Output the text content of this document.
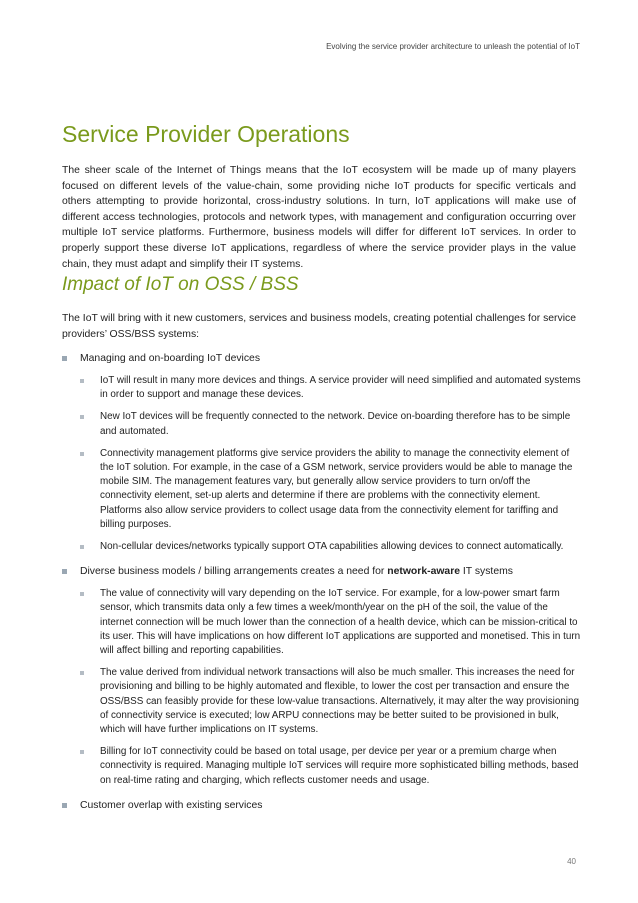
Evolving the service provider architecture to unleash the potential of IoT
Service Provider Operations

The sheer scale of the Internet of Things means that the IoT ecosystem will be made up of many players focused on different levels of the value-chain, some providing niche IoT products for specific verticals and others attempting to provide horizontal, cross-industry solutions. In turn, IoT applications will make use of different access technologies, protocols and network types, with management and configuration occurring over multiple IoT service platforms. Furthermore, business models will differ for different IoT services. In order to properly support these diverse IoT applications, regardless of where the service provider plays in the value chain, they must adapt and simplify their IT systems.

Impact of IoT on OSS / BSS

The IoT will bring with it new customers, services and business models, creating potential challenges for service providers’ OSS/BSS systems:

Managing and on-boarding IoT devices
IoT will result in many more devices and things. A service provider will need simplified and automated systems in order to support and manage these devices.
New IoT devices will be frequently connected to the network. Device on-boarding therefore has to be simple and automated.
Connectivity management platforms give service providers the ability to manage the connectivity element of the IoT solution. For example, in the case of a GSM network, service providers would be able to manage the mobile SIM. The management features vary, but generally allow service providers to turn on/off the connectivity element, set-up alerts and determine if there are problems with the connectivity element. Platforms also allow service providers to collect usage data from the connectivity element for tariffing and billing purposes.
Non-cellular devices/networks typically support OTA capabilities allowing devices to connect automatically.
Diverse business models / billing arrangements creates a need for network-aware IT systems
The value of connectivity will vary depending on the IoT service. For example, for a low-power smart farm sensor, which transmits data only a few times a week/month/year on the pH of the soil, the value of the internet connection will be much lower than the connection of a health device, which can be mission-critical to its user. This will have implications on how different IoT applications are supported and monetised. This in turn will affect billing and reporting capabilities.
The value derived from individual network transactions will also be much smaller. This increases the need for provisioning and billing to be highly automated and flexible, to lower the cost per transaction and ensure the OSS/BSS can feasibly provide for these low-value transactions. Alternatively, it may alter the way provisioning of connectivity service is executed; low ARPU connections may be better suited to be provisioned in bulk, which will have further implications on IT systems.
Billing for IoT connectivity could be based on total usage, per device per year or a premium charge when connectivity is required. Managing multiple IoT services will require more sophisticated billing methods, based on real-time rating and charging, which reflects customer needs and usage.
Customer overlap with existing services
40
